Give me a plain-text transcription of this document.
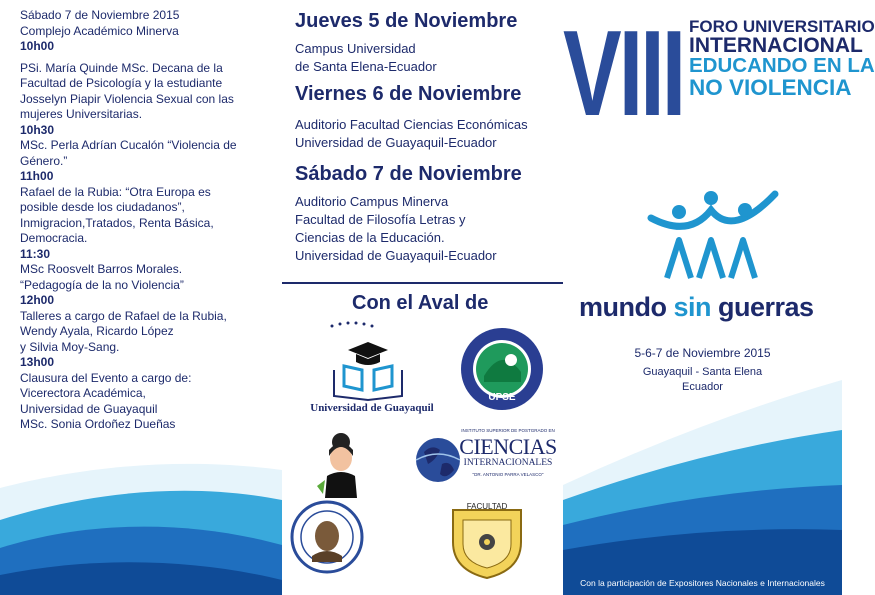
Sábado 7 de Noviembre 2015
Complejo Académico Minerva
10h00
PSi. María Quinde MSc. Decana de la
Facultad de Psicología y la estudiante
Josselyn Piapir Violencia Sexual con las
mujeres Universitarias.
10h30
MSc. Perla Adrían Cucalón “Violencia de
Género.”
11h00
Rafael de la Rubia: “Otra Europa es
posible desde los ciudadanos”,
Inmigracion,Tratados, Renta Básica,
Democracia.
11:30
MSc Roosvelt Barros Morales.
“Pedagogía de la no Violencia”
12h00
Talleres a cargo de Rafael de la Rubia,
Wendy Ayala, Ricardo López
y Silvia Moy-Sang.
13h00
Clausura del Evento a cargo de:
Vicerectora Académica,
Universidad de Guayaquil
MSc. Sonia Ordoñez Dueñas
Jueves 5 de Noviembre
Campus Universidad
de Santa Elena-Ecuador
Viernes 6 de Noviembre
Auditorio Facultad Ciencias Económicas
Universidad de Guayaquil-Ecuador
Sábado 7 de Noviembre
Auditorio Campus Minerva
Facultad de Filosofía Letras y
Ciencias de la Educación.
Universidad de Guayaquil-Ecuador
Con el Aval de
Universidad de Guayaquil
UPSE
INSTITUTO SUPERIOR DE POSTGRADO EN
CIENCIAS
INTERNACIONALES
"DR. ANTONIO PARRA VELASCO"
FACULTAD
VIII FORO UNIVERSITARIO
INTERNACIONAL
EDUCANDO EN LA
NO VIOLENCIA
mundo sin guerras
5-6-7 de Noviembre 2015
Guayaquil - Santa Elena
Ecuador
Con la participación de Expositores Nacionales e Internacionales
